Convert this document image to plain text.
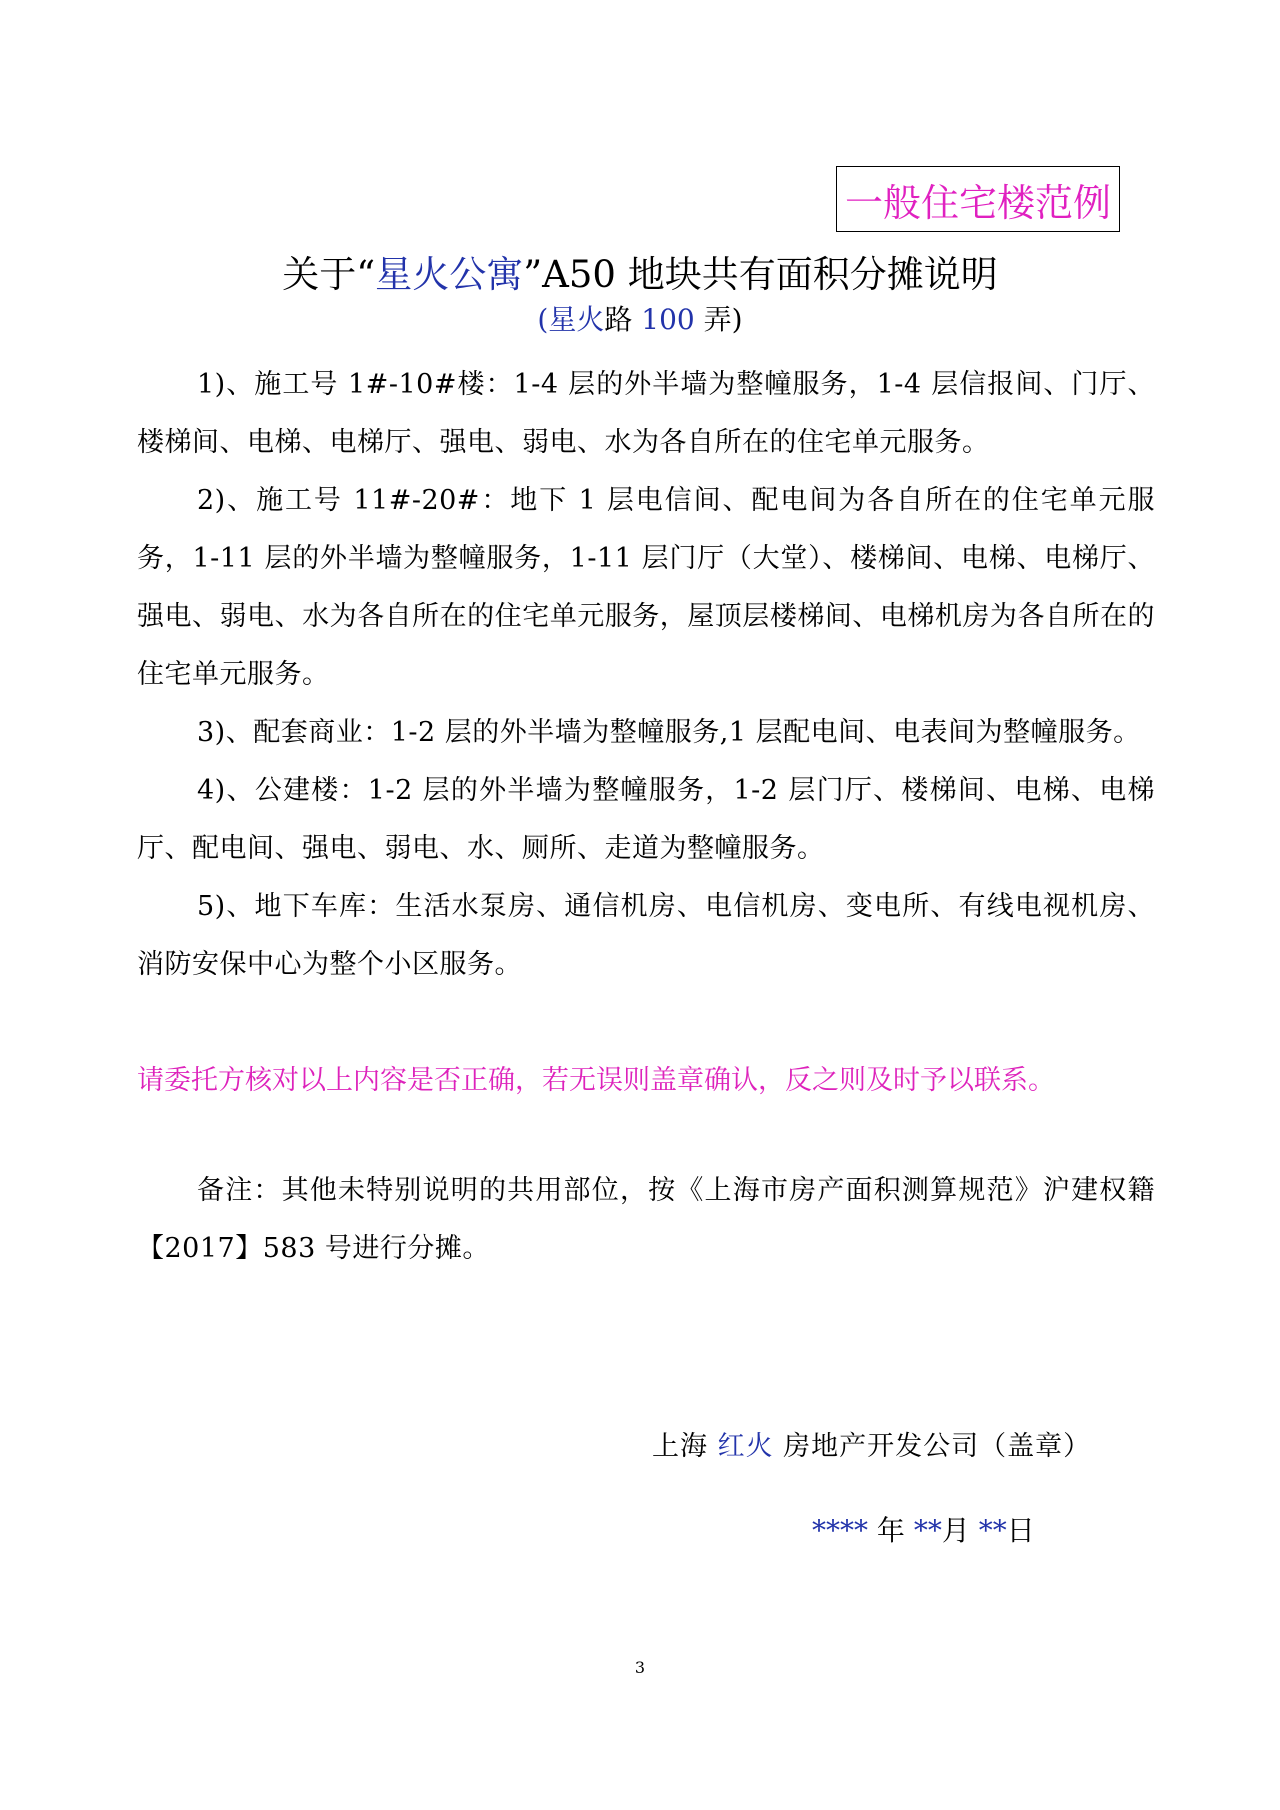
一般住宅楼范例
关于“星火公寓”A50 地块共有面积分摊说明
(星火路 100 弄)

1)、施工号 1#-10#楼：1-4 层的外半墙为整幢服务，1-4 层信报间、门厅、楼梯间、电梯、电梯厅、强电、弱电、水为各自所在的住宅单元服务。

2)、施工号 11#-20#：地下 1 层电信间、配电间为各自所在的住宅单元服务，1-11 层的外半墙为整幢服务，1-11 层门厅（大堂）、楼梯间、电梯、电梯厅、强电、弱电、水为各自所在的住宅单元服务，屋顶层楼梯间、电梯机房为各自所在的住宅单元服务。

3)、配套商业：1-2 层的外半墙为整幢服务,1 层配电间、电表间为整幢服务。

4)、公建楼：1-2 层的外半墙为整幢服务，1-2 层门厅、楼梯间、电梯、电梯厅、配电间、强电、弱电、水、厕所、走道为整幢服务。

5)、地下车库：生活水泵房、通信机房、电信机房、变电所、有线电视机房、消防安保中心为整个小区服务。

请委托方核对以上内容是否正确，若无误则盖章确认，反之则及时予以联系。

备注：其他未特别说明的共用部位，按《上海市房产面积测算规范》沪建权籍【2017】583 号进行分摊。

上海 红火 房地产开发公司（盖章）
**** 年 **月 **日
3
